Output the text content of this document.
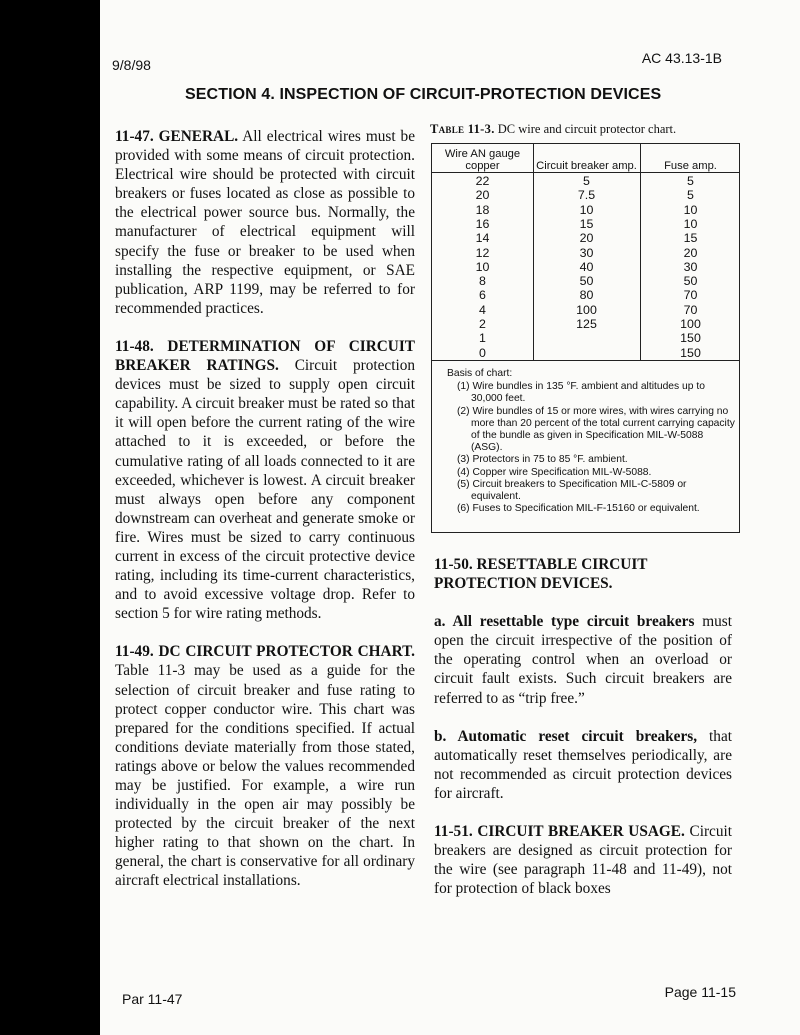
9/8/98	AC 43.13-1B
SECTION 4. INSPECTION OF CIRCUIT-PROTECTION DEVICES

11-47. GENERAL. All electrical wires must be provided with some means of circuit protection. Electrical wire should be protected with circuit breakers or fuses located as close as possible to the electrical power source bus. Normally, the manufacturer of electrical equipment will specify the fuse or breaker to be used when installing the respective equipment, or SAE publication, ARP 1199, may be referred to for recommended practices.

11-48. DETERMINATION OF CIRCUIT BREAKER RATINGS. Circuit protection devices must be sized to supply open circuit capability. A circuit breaker must be rated so that it will open before the current rating of the wire attached to it is exceeded, or before the cumulative rating of all loads connected to it are exceeded, whichever is lowest. A circuit breaker must always open before any component downstream can overheat and generate smoke or fire. Wires must be sized to carry continuous current in excess of the circuit protective device rating, including its time-current characteristics, and to avoid excessive voltage drop. Refer to section 5 for wire rating methods.

11-49. DC CIRCUIT PROTECTOR CHART. Table 11-3 may be used as a guide for the selection of circuit breaker and fuse rating to protect copper conductor wire. This chart was prepared for the conditions specified. If actual conditions deviate materially from those stated, ratings above or below the values recommended may be justified. For example, a wire run individually in the open air may possibly be protected by the circuit breaker of the next higher rating to that shown on the chart. In general, the chart is conservative for all ordinary aircraft electrical installations.

Table 11-3. DC wire and circuit protector chart.
Wire AN gauge copper	Circuit breaker amp.	Fuse amp.
22	5	5
20	7.5	5
18	10	10
16	15	10
14	20	15
12	30	20
10	40	30
8	50	50
6	80	70
4	100	70
2	125	100
1	150
0	150
Basis of chart:
(1) Wire bundles in 135 °F. ambient and altitudes up to 30,000 feet.
(2) Wire bundles of 15 or more wires, with wires carrying no more than 20 percent of the total current carrying capacity of the bundle as given in Specification MIL-W-5088 (ASG).
(3) Protectors in 75 to 85 °F. ambient.
(4) Copper wire Specification MIL-W-5088.
(5) Circuit breakers to Specification MIL-C-5809 or equivalent.
(6) Fuses to Specification MIL-F-15160 or equivalent.

11-50. RESETTABLE CIRCUIT PROTECTION DEVICES.

a. All resettable type circuit breakers must open the circuit irrespective of the position of the operating control when an overload or circuit fault exists. Such circuit breakers are referred to as “trip free.”

b. Automatic reset circuit breakers, that automatically reset themselves periodically, are not recommended as circuit protection devices for aircraft.

11-51. CIRCUIT BREAKER USAGE. Circuit breakers are designed as circuit protection for the wire (see paragraph 11-48 and 11-49), not for protection of black boxes

Par 11-47	Page 11-15
